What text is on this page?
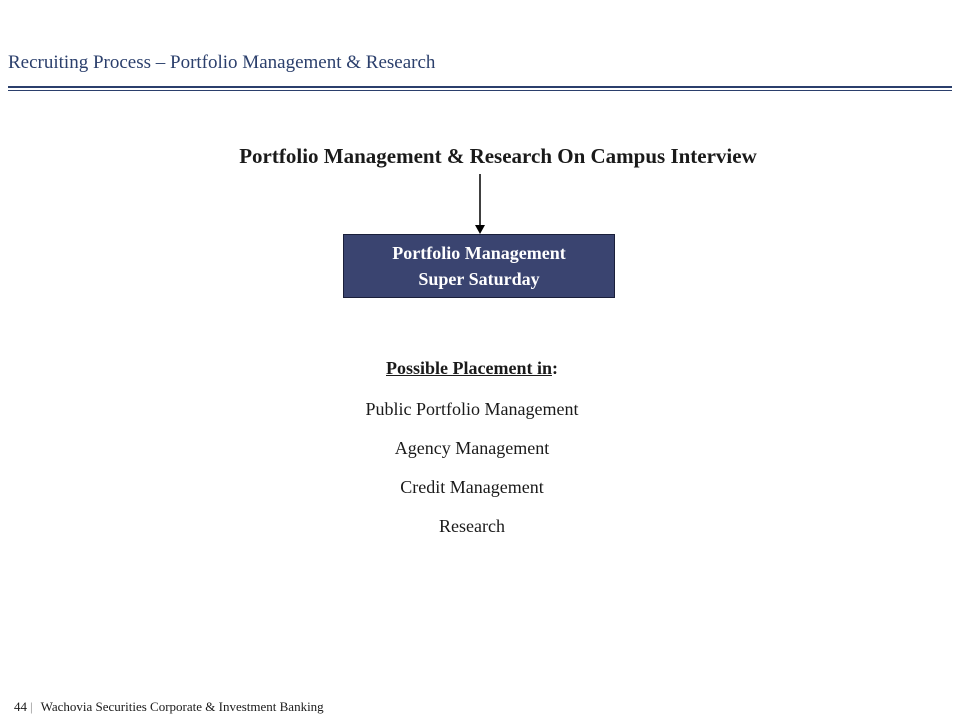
Recruiting Process – Portfolio Management & Research
Portfolio Management & Research On Campus Interview
Portfolio Management
Super Saturday
Possible Placement in:
Public Portfolio Management
Agency Management
Credit Management
Research
44 | Wachovia Securities Corporate & Investment Banking
